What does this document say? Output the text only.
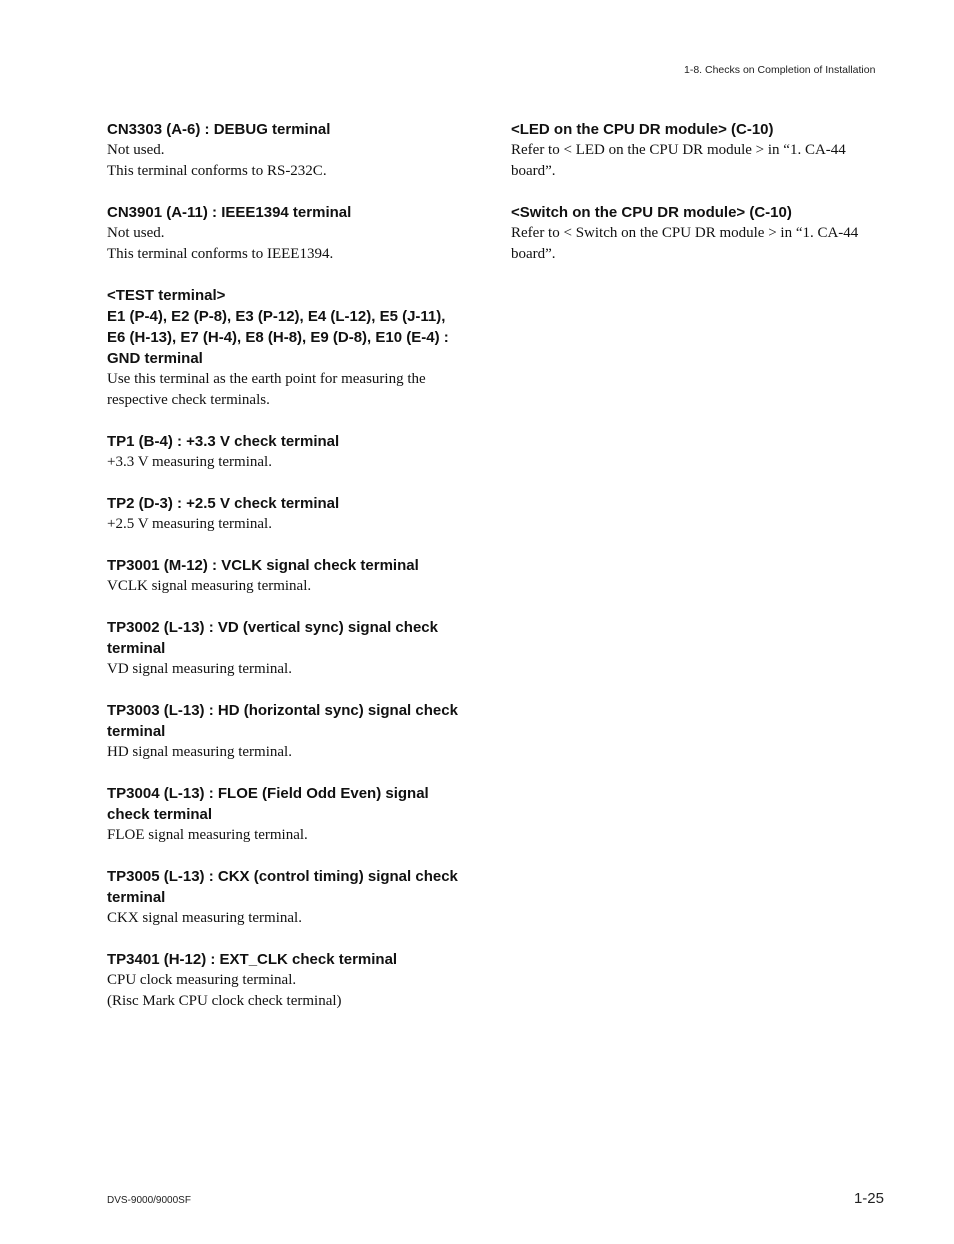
1-8. Checks on Completion of Installation
CN3303 (A-6) : DEBUG terminal

Not used.

This terminal conforms to RS-232C.

CN3901 (A-11) : IEEE1394 terminal

Not used.

This terminal conforms to IEEE1394.

<TEST terminal>
E1 (P-4), E2 (P-8), E3 (P-12), E4 (L-12), E5 (J-11),
E6 (H-13), E7 (H-4), E8 (H-8), E9 (D-8), E10 (E-4) :
GND terminal

Use this terminal as the earth point for measuring the

respective check terminals.

TP1 (B-4) : +3.3 V check terminal

+3.3 V measuring terminal.

TP2 (D-3) : +2.5 V check terminal

+2.5 V measuring terminal.

TP3001 (M-12) : VCLK signal check terminal

VCLK signal measuring terminal.

TP3002 (L-13) : VD (vertical sync) signal check
terminal

VD signal measuring terminal.

TP3003 (L-13) : HD (horizontal sync) signal check
terminal

HD signal measuring terminal.

TP3004 (L-13) : FLOE (Field Odd Even) signal
check terminal

FLOE signal measuring terminal.

TP3005 (L-13) : CKX (control timing) signal check
terminal

CKX signal measuring terminal.

TP3401 (H-12) : EXT_CLK check terminal

CPU clock measuring terminal.

(Risc Mark CPU clock check terminal)

<LED on the CPU DR module> (C-10)

Refer to < LED on the CPU DR module > in “1. CA-44

board”.

<Switch on the CPU DR module> (C-10)

Refer to < Switch on the CPU DR module > in “1. CA-44

board”.

DVS-9000/9000SF	1-25
